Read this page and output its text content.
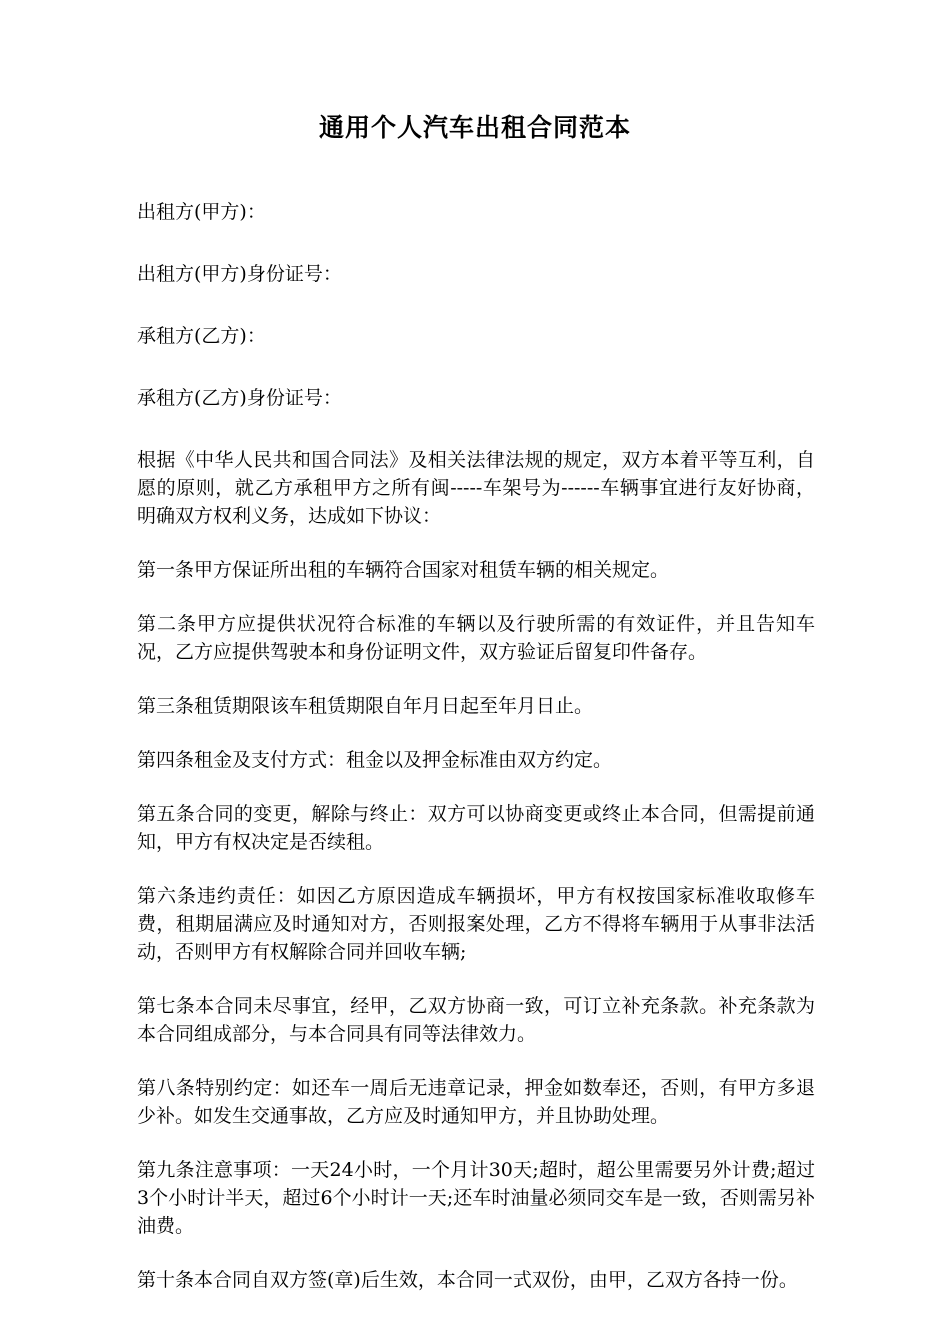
通用个人汽车出租合同范本

出租方(甲方)：

出租方(甲方)身份证号：

承租方(乙方)：

承租方(乙方)身份证号：

根据《中华人民共和国合同法》及相关法律法规的规定，双方本着平等互利，自愿的原则，就乙方承租甲方之所有闽-----车架号为------车辆事宜进行友好协商，明确双方权利义务，达成如下协议：

第一条甲方保证所出租的车辆符合国家对租赁车辆的相关规定。

第二条甲方应提供状况符合标准的车辆以及行驶所需的有效证件，并且告知车况，乙方应提供驾驶本和身份证明文件，双方验证后留复印件备存。

第三条租赁期限该车租赁期限自年月日起至年月日止。

第四条租金及支付方式：租金以及押金标准由双方约定。

第五条合同的变更，解除与终止：双方可以协商变更或终止本合同，但需提前通知，甲方有权决定是否续租。

第六条违约责任：如因乙方原因造成车辆损坏，甲方有权按国家标准收取修车费，租期届满应及时通知对方，否则报案处理，乙方不得将车辆用于从事非法活动，否则甲方有权解除合同并回收车辆;

第七条本合同未尽事宜，经甲，乙双方协商一致，可订立补充条款。补充条款为本合同组成部分，与本合同具有同等法律效力。

第八条特别约定：如还车一周后无违章记录，押金如数奉还，否则，有甲方多退少补。如发生交通事故，乙方应及时通知甲方，并且协助处理。

第九条注意事项：一天24小时，一个月计30天;超时，超公里需要另外计费;超过3个小时计半天，超过6个小时计一天;还车时油量必须同交车是一致，否则需另补油费。

第十条本合同自双方签(章)后生效，本合同一式双份，由甲，乙双方各持一份。
